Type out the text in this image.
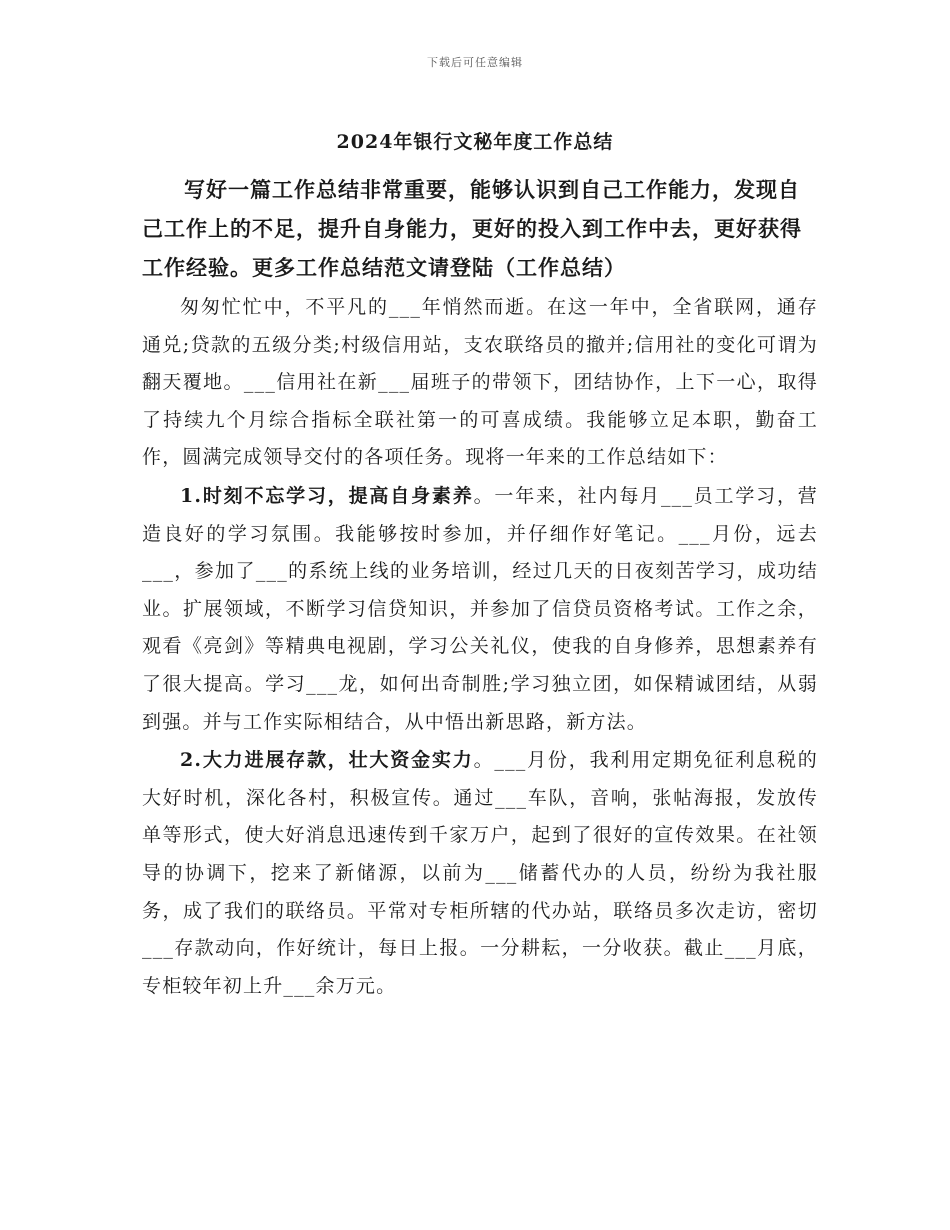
下载后可任意编辑
2024年银行文秘年度工作总结

写好一篇工作总结非常重要，能够认识到自己工作能力，发现自己工作上的不足，提升自身能力，更好的投入到工作中去，更好获得工作经验。更多工作总结范文请登陆（工作总结）

匆匆忙忙中，不平凡的___年悄然而逝。在这一年中，全省联网，通存通兑;贷款的五级分类;村级信用站，支农联络员的撤并;信用社的变化可谓为翻天覆地。___信用社在新___届班子的带领下，团结协作，上下一心，取得了持续九个月综合指标全联社第一的可喜成绩。我能够立足本职，勤奋工作，圆满完成领导交付的各项任务。现将一年来的工作总结如下：

1.时刻不忘学习，提高自身素养。一年来，社内每月___员工学习，营造良好的学习氛围。我能够按时参加，并仔细作好笔记。___月份，远去___，参加了___的系统上线的业务培训，经过几天的日夜刻苦学习，成功结业。扩展领域，不断学习信贷知识，并参加了信贷员资格考试。工作之余，观看《亮剑》等精典电视剧，学习公关礼仪，使我的自身修养，思想素养有了很大提高。学习___龙，如何出奇制胜;学习独立团，如保精诚团结，从弱到强。并与工作实际相结合，从中悟出新思路，新方法。

2.大力进展存款，壮大资金实力。___月份，我利用定期免征利息税的大好时机，深化各村，积极宣传。通过___车队，音响，张帖海报，发放传单等形式，使大好消息迅速传到千家万户，起到了很好的宣传效果。在社领导的协调下，挖来了新储源，以前为___储蓄代办的人员，纷纷为我社服务，成了我们的联络员。平常对专柜所辖的代办站，联络员多次走访，密切___存款动向，作好统计，每日上报。一分耕耘，一分收获。截止___月底，专柜较年初上升___余万元。
